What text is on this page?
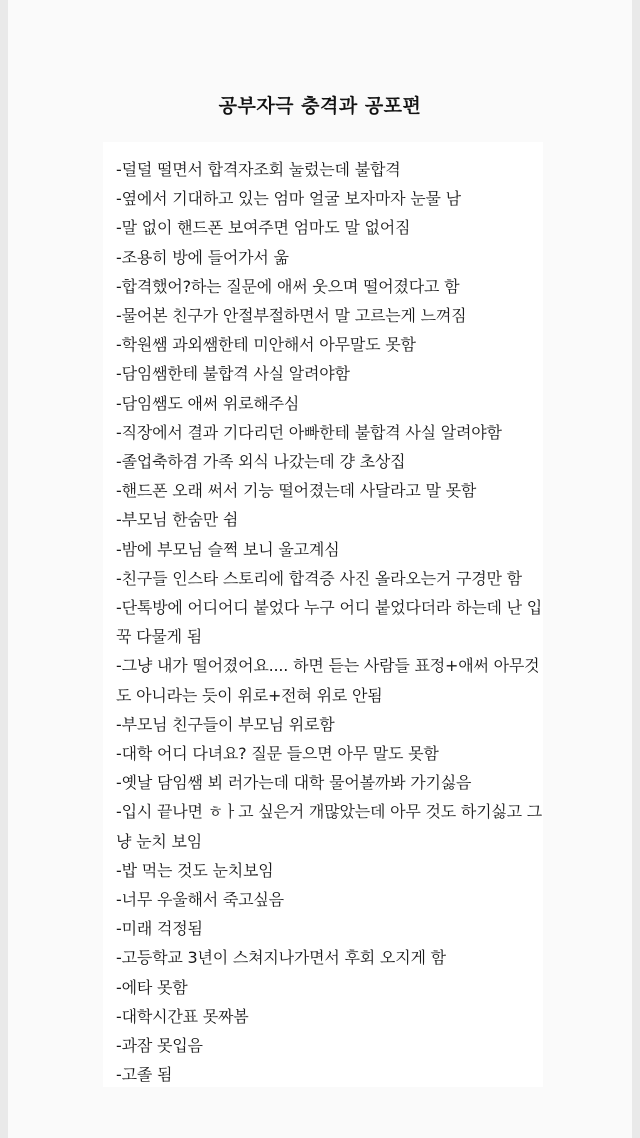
공부자극 충격과 공포편
-덜덜 떨면서 합격자조회 눌렀는데 불합격
-옆에서 기대하고 있는 엄마 얼굴 보자마자 눈물 남
-말 없이 핸드폰 보여주면 엄마도 말 없어짐
-조용히 방에 들어가서 욺
-합격했어?하는 질문에 애써 웃으며 떨어졌다고 함
-물어본 친구가 안절부절하면서 말 고르는게 느껴짐
-학원쌤 과외쌤한테 미안해서 아무말도 못함
-담임쌤한테 불합격 사실 알려야함
-담임쌤도 애써 위로해주심
-직장에서 결과 기다리던 아빠한테 불합격 사실 알려야함
-졸업축하겸 가족 외식 나갔는데 걍 초상집
-핸드폰 오래 써서 기능 떨어졌는데 사달라고 말 못함
-부모님 한숨만 쉼
-밤에 부모님 슬쩍 보니 울고계심
-친구들 인스타 스토리에 합격증 사진 올라오는거 구경만 함
-단톡방에 어디어디 붙었다 누구 어디 붙었다더라 하는데 난 입
꾹 다물게 됨
-그냥 내가 떨어졌어요.... 하면 듣는 사람들 표정+애써 아무것
도 아니라는 듯이 위로+전혀 위로 안됨
-부모님 친구들이 부모님 위로함
-대학 어디 다녀요? 질문 들으면 아무 말도 못함
-옛날 담임쌤 뵈 러가는데 대학 물어볼까봐 가기싫음
-입시 끝나면 ㅎㅏ고 싶은거 개많았는데 아무 것도 하기싫고 그
냥 눈치 보임
-밥 먹는 것도 눈치보임
-너무 우울해서 죽고싶음
-미래 걱정됨
-고등학교 3년이 스쳐지나가면서 후회 오지게 함
-에타 못함
-대학시간표 못짜봄
-과잠 못입음
-고졸 됨
